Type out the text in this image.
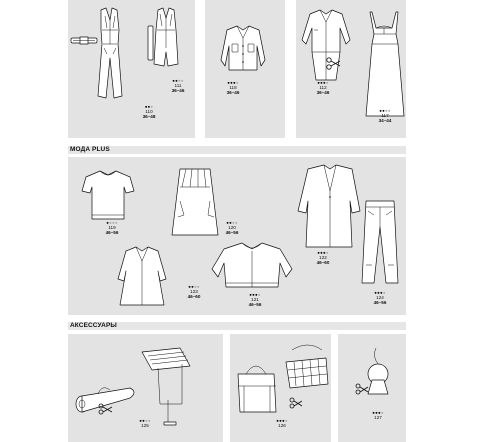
●●●
110
36–48
●●●●
111
36–46
●●●●
118
36–46
●●●●
112
36–46
●●●●
117
34–44
МОДА PLUS
●●●●
119
46–56
●●●●
120
46–56
●●●●
122
46–60
●●●●
123
46–60	●●●●
121
46–56
●●●●
124
46–56
АКСЕССУАРЫ
●●●●
125
●●●●
126
●●●●
127
